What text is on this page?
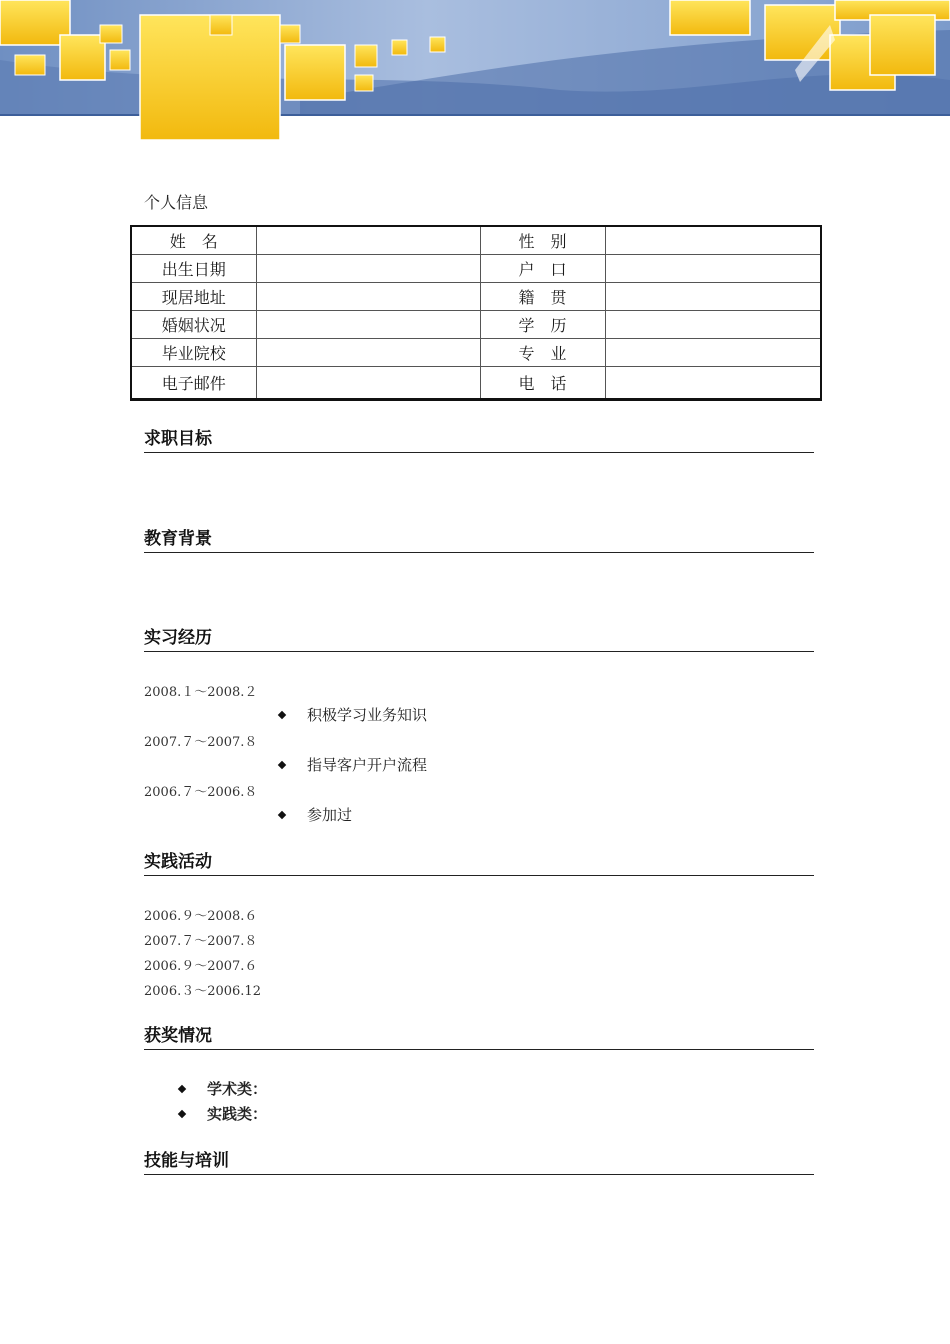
个人信息
姓　名		性　别	
出生日期		户　口	
现居地址		籍　贯	
婚姻状况		学　历	
毕业院校		专　业	
电子邮件		电　话	
求职目标
教育背景
实习经历
2008.１～2008.２
积极学习业务知识
2007.７～2007.８
指导客户开户流程
2006.７～2006.８
参加过
实践活动
2006.９～2008.６
2007.７～2007.８
2006.９～2007.６
2006.３～2006.12
获奖情况
学术类：
实践类：
技能与培训
